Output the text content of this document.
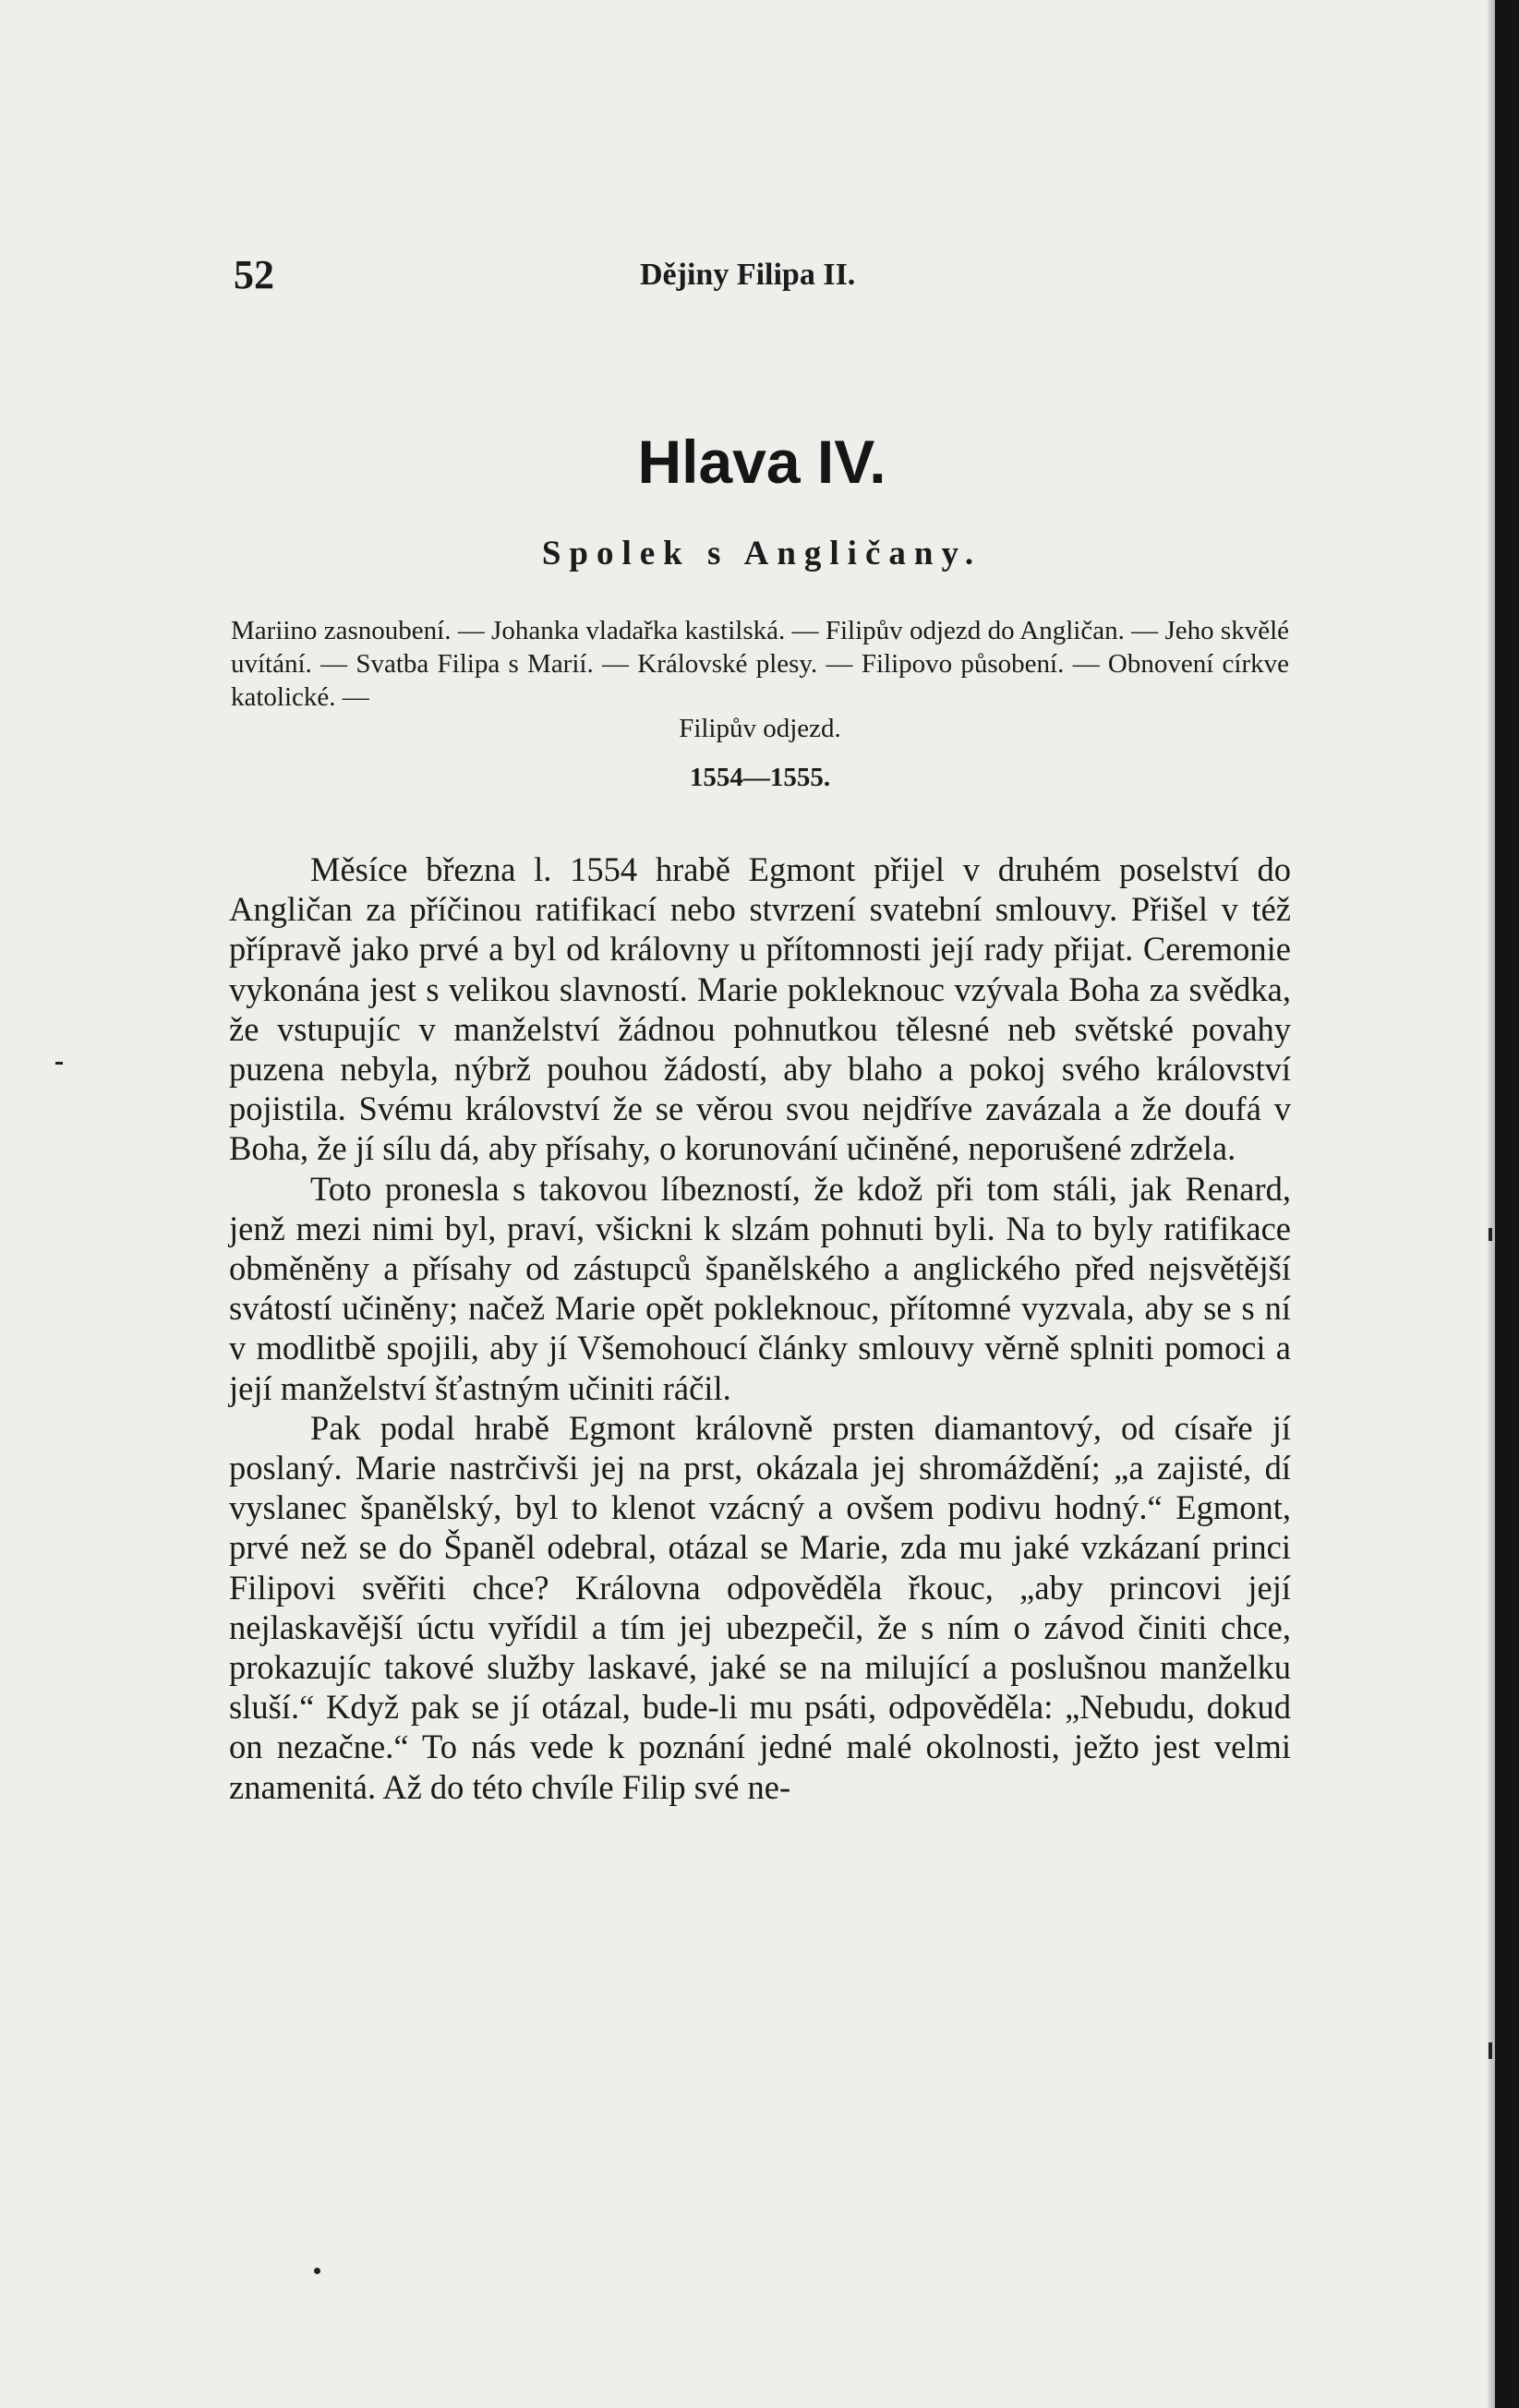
52	Dějiny Filipa II.
Hlava IV.
Spolek s Angličany.

Mariino zasnoubení. — Johanka vladařka kastilská. — Filipův odjezd do Angličan. — Jeho skvělé uvítání. — Svatba Filipa s Marií. — Královské plesy. — Filipovo působení. — Obnovení církve katolické. —

Filipův odjezd.

1554—1555.

Měsíce března l. 1554 hrabě Egmont přijel v druhém poselství do Angličan za příčinou ratifikací nebo stvrzení svatební smlouvy. Přišel v též přípravě jako prvé a byl od královny u přítomnosti její rady přijat. Ceremonie vykonána jest s velikou slavností. Marie pokleknouc vzývala Boha za svědka, že vstupujíc v manželství žádnou pohnutkou tělesné neb světské povahy puzena nebyla, nýbrž pouhou žádostí, aby blaho a pokoj svého království pojistila. Svému království že se věrou svou nejdříve zavázala a že doufá v Boha, že jí sílu dá, aby přísahy, o korunování učiněné, neporušené zdržela.

Toto pronesla s takovou líbezností, že kdož při tom stáli, jak Renard, jenž mezi nimi byl, praví, všickni k slzám pohnuti byli. Na to byly ratifikace obměněny a přísahy od zástupců španělského a anglického před nejsvětější svátostí učiněny; načež Marie opět pokleknouc, přítomné vyzvala, aby se s ní v modlitbě spojili, aby jí Všemohoucí články smlouvy věrně splniti pomoci a její manželství šťastným učiniti ráčil.

Pak podal hrabě Egmont královně prsten diamantový, od císaře jí poslaný. Marie nastrčivši jej na prst, okázala jej shromáždění; „a zajisté, dí vyslanec španělský, byl to klenot vzácný a ovšem podivu hodný.“ Egmont, prvé než se do Španěl odebral, otázal se Marie, zda mu jaké vzkázaní princi Filipovi svěřiti chce? Královna odpověděla řkouc, „aby princovi její nejlaskavější úctu vyřídil a tím jej ubezpečil, že s ním o závod činiti chce, prokazujíc takové služby laskavé, jaké se na milující a poslušnou manželku sluší.“ Když pak se jí otázal, bude-li mu psáti, odpověděla: „Nebudu, dokud on nezačne.“ To nás vede k poznání jedné malé okolnosti, ježto jest velmi znamenitá. Až do této chvíle Filip své ne-
